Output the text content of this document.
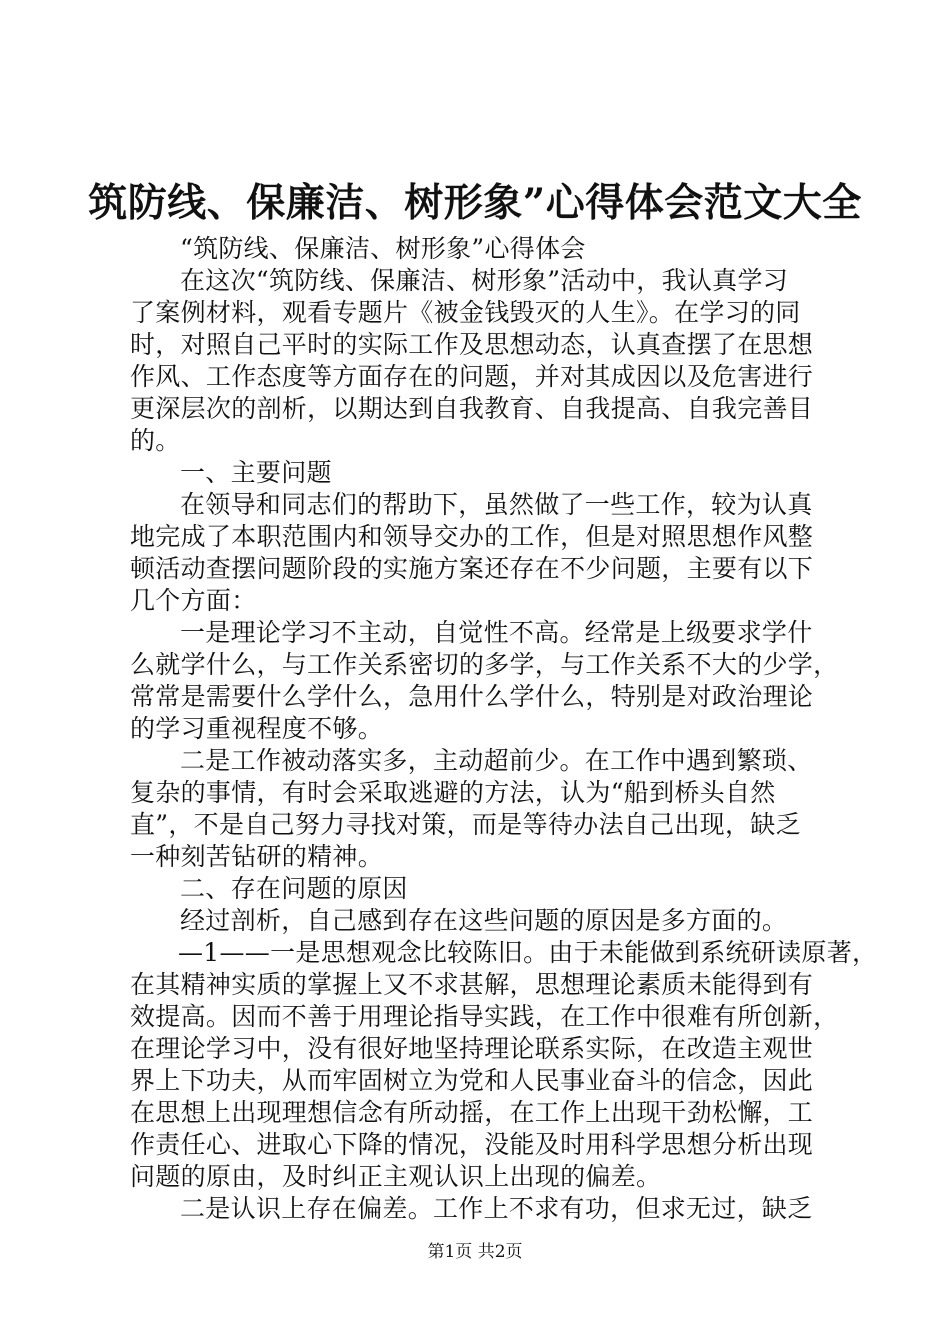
筑防线、保廉洁、树形象”心得体会范文大全
“筑防线、保廉洁、树形象”心得体会
在这次“筑防线、保廉洁、树形象”活动中，我认真学习
了案例材料，观看专题片《被金钱毁灭的人生》。在学习的同
时，对照自己平时的实际工作及思想动态，认真查摆了在思想
作风、工作态度等方面存在的问题，并对其成因以及危害进行
更深层次的剖析，以期达到自我教育、自我提高、自我完善目
的。
一、主要问题
在领导和同志们的帮助下，虽然做了一些工作，较为认真
地完成了本职范围内和领导交办的工作，但是对照思想作风整
顿活动查摆问题阶段的实施方案还存在不少问题，主要有以下
几个方面：
一是理论学习不主动，自觉性不高。经常是上级要求学什
么就学什么，与工作关系密切的多学，与工作关系不大的少学，
常常是需要什么学什么，急用什么学什么，特别是对政治理论
的学习重视程度不够。
二是工作被动落实多，主动超前少。在工作中遇到繁琐、
复杂的事情，有时会采取逃避的方法，认为“船到桥头自然
直”，不是自己努力寻找对策，而是等待办法自己出现，缺乏
一种刻苦钻研的精神。
二、存在问题的原因
经过剖析，自己感到存在这些问题的原因是多方面的。
—1——一是思想观念比较陈旧。由于未能做到系统研读原著，
在其精神实质的掌握上又不求甚解，思想理论素质未能得到有
效提高。因而不善于用理论指导实践，在工作中很难有所创新，
在理论学习中，没有很好地坚持理论联系实际，在改造主观世
界上下功夫，从而牢固树立为党和人民事业奋斗的信念，因此
在思想上出现理想信念有所动摇，在工作上出现干劲松懈，工
作责任心、进取心下降的情况，没能及时用科学思想分析出现
问题的原由，及时纠正主观认识上出现的偏差。
二是认识上存在偏差。工作上不求有功，但求无过，缺乏
第1页 共2页
